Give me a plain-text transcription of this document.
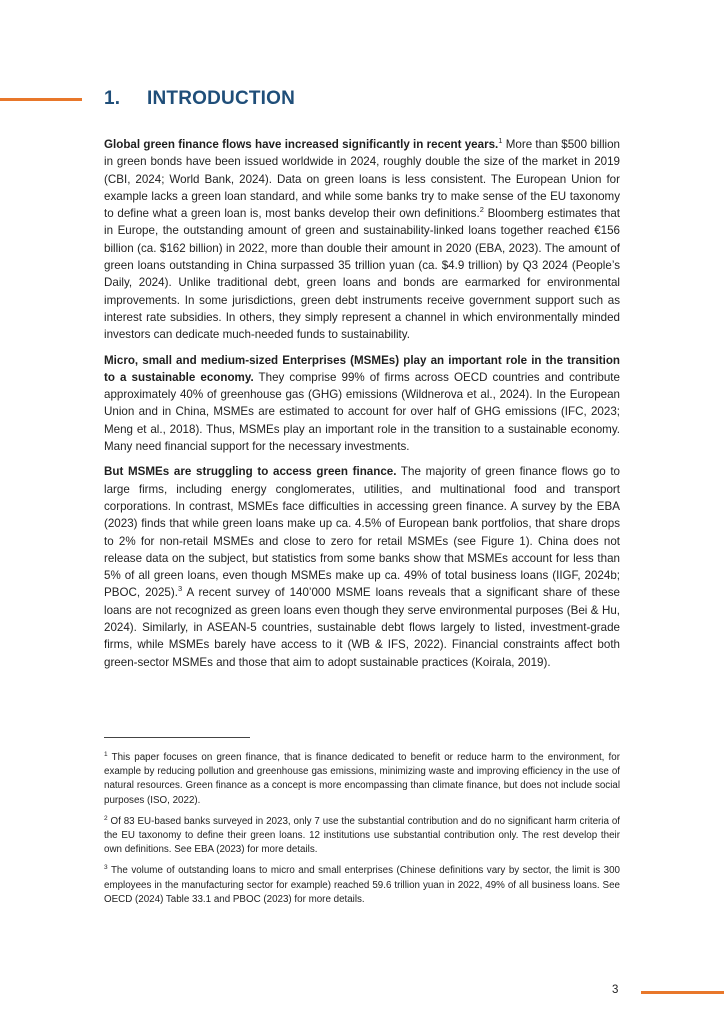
1. INTRODUCTION

Global green finance flows have increased significantly in recent years.$^1$ More than $500 billion in green bonds have been issued worldwide in 2024, roughly double the size of the market in 2019 (CBI, 2024; World Bank, 2024). Data on green loans is less consistent. The European Union for example lacks a green loan standard, and while some banks try to make sense of the EU taxonomy to define what a green loan is, most banks develop their own definitions.$^2$ Bloomberg estimates that in Europe, the outstanding amount of green and sustainability-linked loans together reached €156 billion (ca. $162 billion) in 2022, more than double their amount in 2020 (EBA, 2023). The amount of green loans outstanding in China surpassed 35 trillion yuan (ca. $4.9 trillion) by Q3 2024 (People’s Daily, 2024). Unlike traditional debt, green loans and bonds are earmarked for environmental improvements. In some jurisdictions, green debt instruments receive government support such as interest rate subsidies. In others, they simply represent a channel in which environmentally minded investors can dedicate much-needed funds to sustainability.

Micro, small and medium-sized Enterprises (MSMEs) play an important role in the transition to a sustainable economy. They comprise 99% of firms across OECD countries and contribute approximately 40% of greenhouse gas (GHG) emissions (Wildnerova et al., 2024). In the European Union and in China, MSMEs are estimated to account for over half of GHG emissions (IFC, 2023; Meng et al., 2018). Thus, MSMEs play an important role in the transition to a sustainable economy. Many need financial support for the necessary investments.

But MSMEs are struggling to access green finance. The majority of green finance flows go to large firms, including energy conglomerates, utilities, and multinational food and transport corporations. In contrast, MSMEs face difficulties in accessing green finance. A survey by the EBA (2023) finds that while green loans make up ca. 4.5% of European bank portfolios, that share drops to 2% for non-retail MSMEs and close to zero for retail MSMEs (see Figure 1). China does not release data on the subject, but statistics from some banks show that MSMEs account for less than 5% of all green loans, even though MSMEs make up ca. 49% of total business loans (IIGF, 2024b; PBOC, 2025).$^3$ A recent survey of 140’000 MSME loans reveals that a significant share of these loans are not recognized as green loans even though they serve environmental purposes (Bei & Hu, 2024). Similarly, in ASEAN-5 countries, sustainable debt flows largely to listed, investment-grade firms, while MSMEs barely have access to it (WB & IFS, 2022). Financial constraints affect both green-sector MSMEs and those that aim to adopt sustainable practices (Koirala, 2019).

$^1$ This paper focuses on green finance, that is finance dedicated to benefit or reduce harm to the environment, for example by reducing pollution and greenhouse gas emissions, minimizing waste and improving efficiency in the use of natural resources. Green finance as a concept is more encompassing than climate finance, but does not include social purposes (ISO, 2022).

$^2$ Of 83 EU-based banks surveyed in 2023, only 7 use the substantial contribution and do no significant harm criteria of the EU taxonomy to define their green loans. 12 institutions use substantial contribution only. The rest develop their own definitions. See EBA (2023) for more details.

$^3$ The volume of outstanding loans to micro and small enterprises (Chinese definitions vary by sector, the limit is 300 employees in the manufacturing sector for example) reached 59.6 trillion yuan in 2022, 49% of all business loans. See OECD (2024) Table 33.1 and PBOC (2023) for more details.

3
